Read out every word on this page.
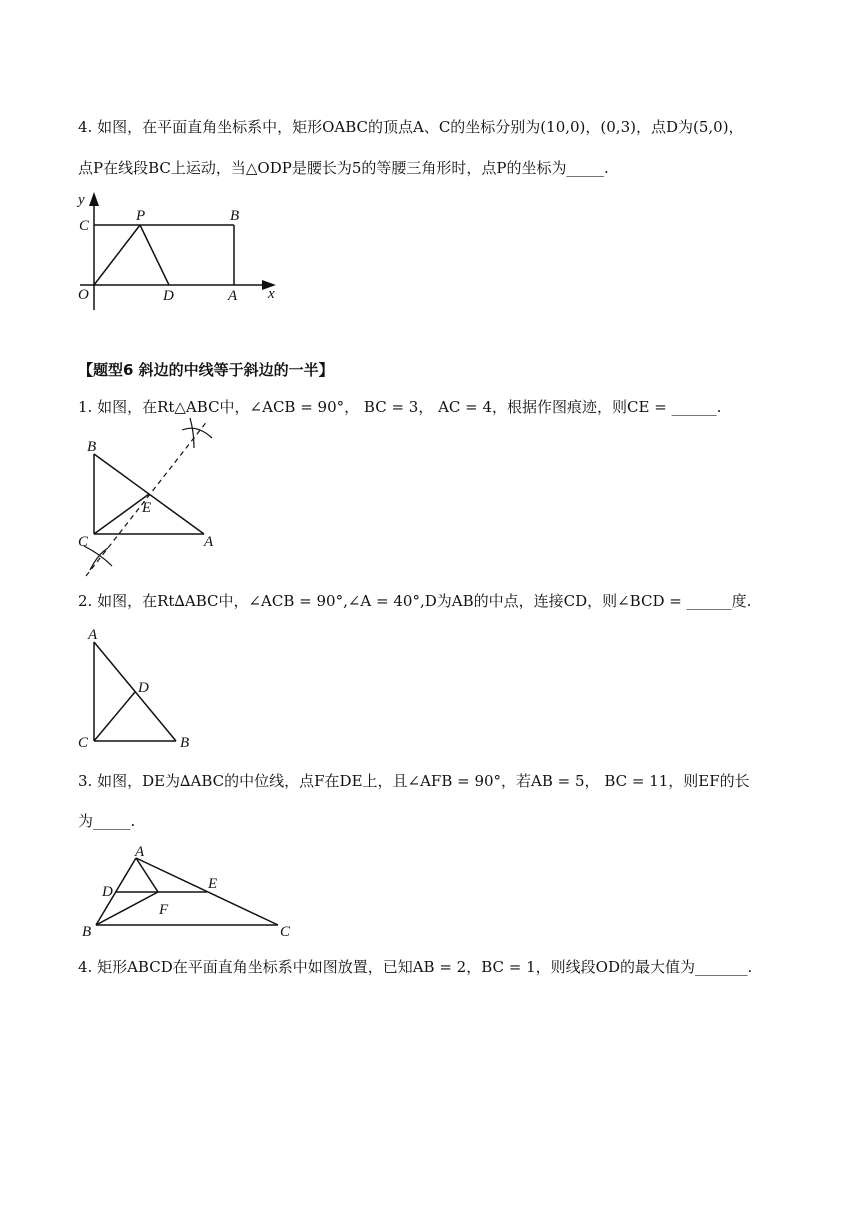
4. 如图，在平面直角坐标系中，矩形OABC的顶点A、C的坐标分别为(10,0)，(0,3)，点D为(5,0)，
点P在线段BC上运动，当△ODP是腰长为5的等腰三角形时，点P的坐标为_____.
y
x
C
P	B
O	D	A
【题型6 斜边的中线等于斜边的一半】
1. 如图，在Rt△ABC中，∠ACB = 90°， BC = 3， AC = 4，根据作图痕迹，则CE = ______.
B
E
C	A
2. 如图，在Rt∆ABC中，∠ACB = 90°,∠A = 40°,D为AB的中点，连接CD，则∠BCD = ______度.
A
D
C	B
3. 如图，DE为∆ABC的中位线，点F在DE上，且∠AFB = 90°，若AB = 5， BC = 11，则EF的长
为_____.
A
D	E
F
B	C
4. 矩形ABCD在平面直角坐标系中如图放置，已知AB = 2，BC = 1，则线段OD的最大值为_______.
